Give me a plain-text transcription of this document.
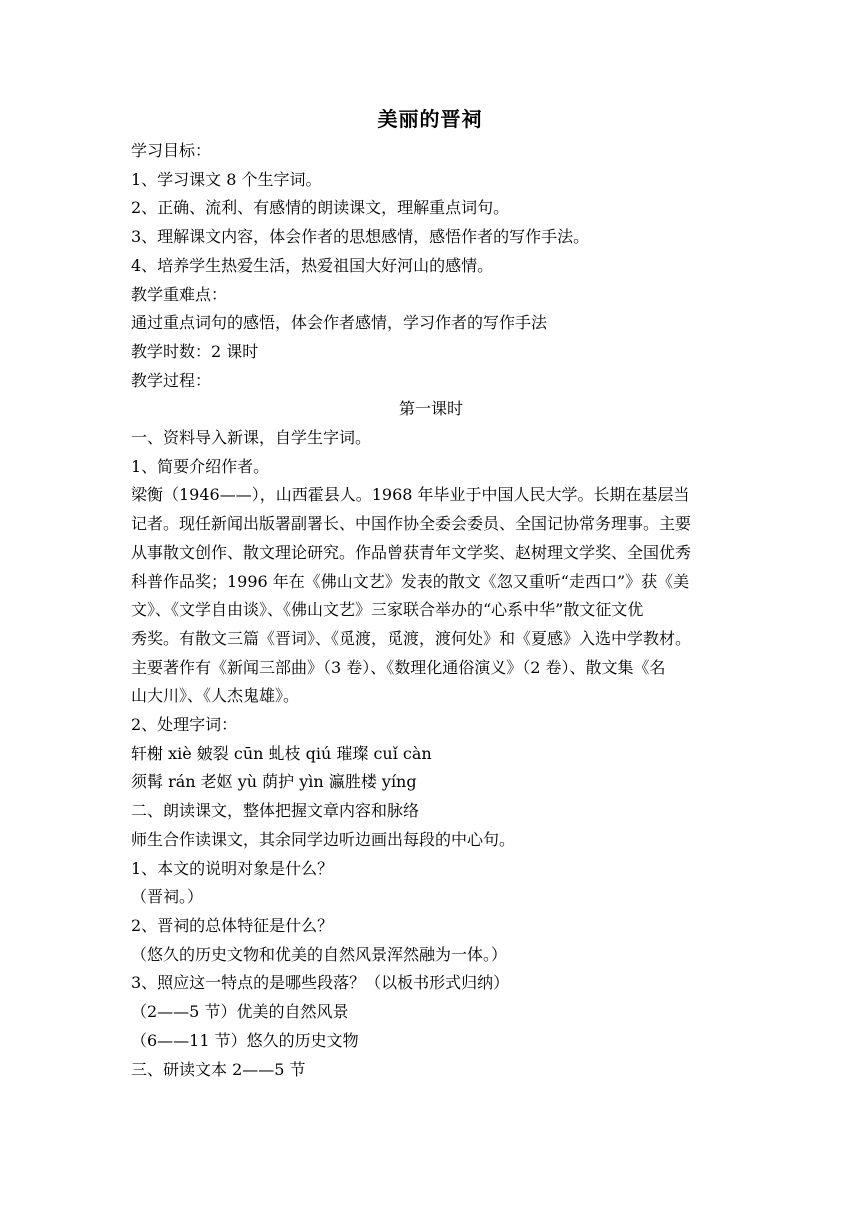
美丽的晋祠

学习目标：

1、学习课文 8 个生字词。

2、正确、流利、有感情的朗读课文，理解重点词句。

3、理解课文内容，体会作者的思想感情，感悟作者的写作手法。

4、培养学生热爱生活，热爱祖国大好河山的感情。

教学重难点：

通过重点词句的感悟，体会作者感情，学习作者的写作手法

教学时数：2 课时

教学过程：

第一课时

一、资料导入新课，自学生字词。

1、简要介绍作者。

梁衡（1946——），山西霍县人。1968 年毕业于中国人民大学。长期在基层当

记者。现任新闻出版署副署长、中国作协全委会委员、全国记协常务理事。主要

从事散文创作、散文理论研究。作品曾获青年文学奖、赵树理文学奖、全国优秀

科普作品奖；1996 年在《佛山文艺》发表的散文《忽又重听“走西口”》获《美

文》、《文学自由谈》、《佛山文艺》三家联合举办的“心系中华”散文征文优

秀奖。有散文三篇《晋词》、《觅渡，觅渡，渡何处》和《夏感》入选中学教材。

主要著作有《新闻三部曲》（3 卷）、《数理化通俗演义》（2 卷）、散文集《名

山大川》、《人杰鬼雄》。

2、处理字词：

轩榭 xiè 皴裂 cūn 虬枝 qiú 璀璨 cuǐ càn

须髯 rán 老妪 yù 荫护 yìn 瀛胜楼 yíng

二、朗读课文，整体把握文章内容和脉络

师生合作读课文，其余同学边听边画出每段的中心句。

1、本文的说明对象是什么？

（晋祠。）

2、晋祠的总体特征是什么？

（悠久的历史文物和优美的自然风景浑然融为一体。）

3、照应这一特点的是哪些段落？（以板书形式归纳）

（2——5 节）优美的自然风景

（6——11 节）悠久的历史文物

三、研读文本 2——5 节
